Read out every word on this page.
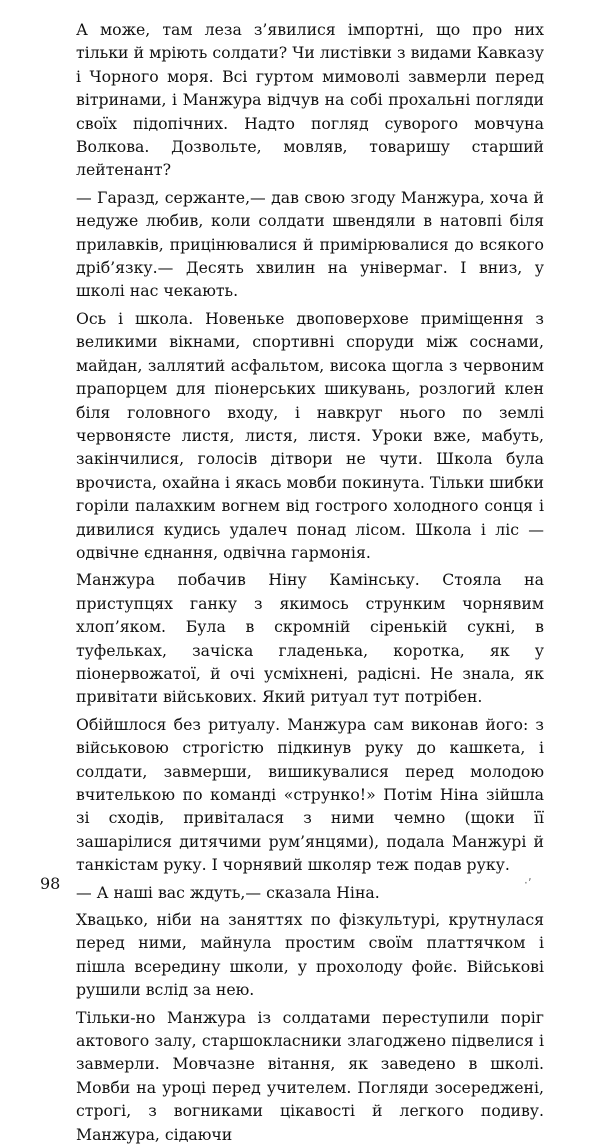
А може, там леза з’явилися імпортні, що про них тільки й мріють солдати? Чи листівки з видами Кавказу і Чорного моря. Всі гуртом мимоволі завмерли перед вітринами, і Манжура відчув на собі прохальні погляди своїх підопічних. Надто погляд суворого мовчуна Волкова. Дозвольте, мовляв, товаришу старший лейтенант?

— Гаразд, сержанте,— дав свою згоду Манжура, хоча й недуже любив, коли солдати швендяли в натовпі біля прилавків, прицінювалися й примірювалися до всякого дріб’язку.— Десять хвилин на універмаг. І вниз, у школі нас чекають.

Ось і школа. Новеньке двоповерхове приміщення з великими вікнами, спортивні споруди між соснами, майдан, заллятий асфальтом, висока щогла з червоним прапорцем для піонерських шикувань, розлогий клен біля головного входу, і навкруг нього по землі червонясте листя, листя, листя. Уроки вже, мабуть, закінчилися, голосів дітвори не чути. Школа була врочиста, охайна і якась мовби покинута. Тільки шибки горіли палахким вогнем від гострого холодного сонця і дивилися кудись удалеч понад лісом. Школа і ліс — одвічне єднання, одвічна гармонія.

Манжура побачив Ніну Камінську. Стояла на приступцях ганку з якимось струнким чорнявим хлоп’яком. Була в скромній сіренькій сукні, в туфельках, зачіска гладенька, коротка, як у піонервожатої, й очі усміхнені, радісні. Не знала, як привітати військових. Який ритуал тут потрібен.

Обійшлося без ритуалу. Манжура сам виконав його: з військовою строгістю підкинув руку до кашкета, і солдати, завмерши, вишикувалися перед молодою вчителькою по команді «струнко!» Потім Ніна зійшла зі сходів, привіталася з ними чемно (щоки її зашарілися дитячими рум’янцями), подала Манжурі й танкістам руку. І чорнявий школяр теж подав руку.

— А наші вас ждуть,— сказала Ніна.

Хвацько, ніби на заняттях по фізкультурі, крутнулася перед ними, майнула простим своїм платтячком і пішла всередину школи, у прохолоду фойє. Військові рушили вслід за нею.

Тільки-но Манжура із солдатами переступили поріг актового залу, старшокласники злагоджено підвелися і завмерли. Мовчазне вітання, як заведено в школі. Мовби на уроці перед учителем. Погляди зосереджені, строгі, з вогниками цікавості й легкого подиву. Манжура, сідаючи

98	·ʼ
